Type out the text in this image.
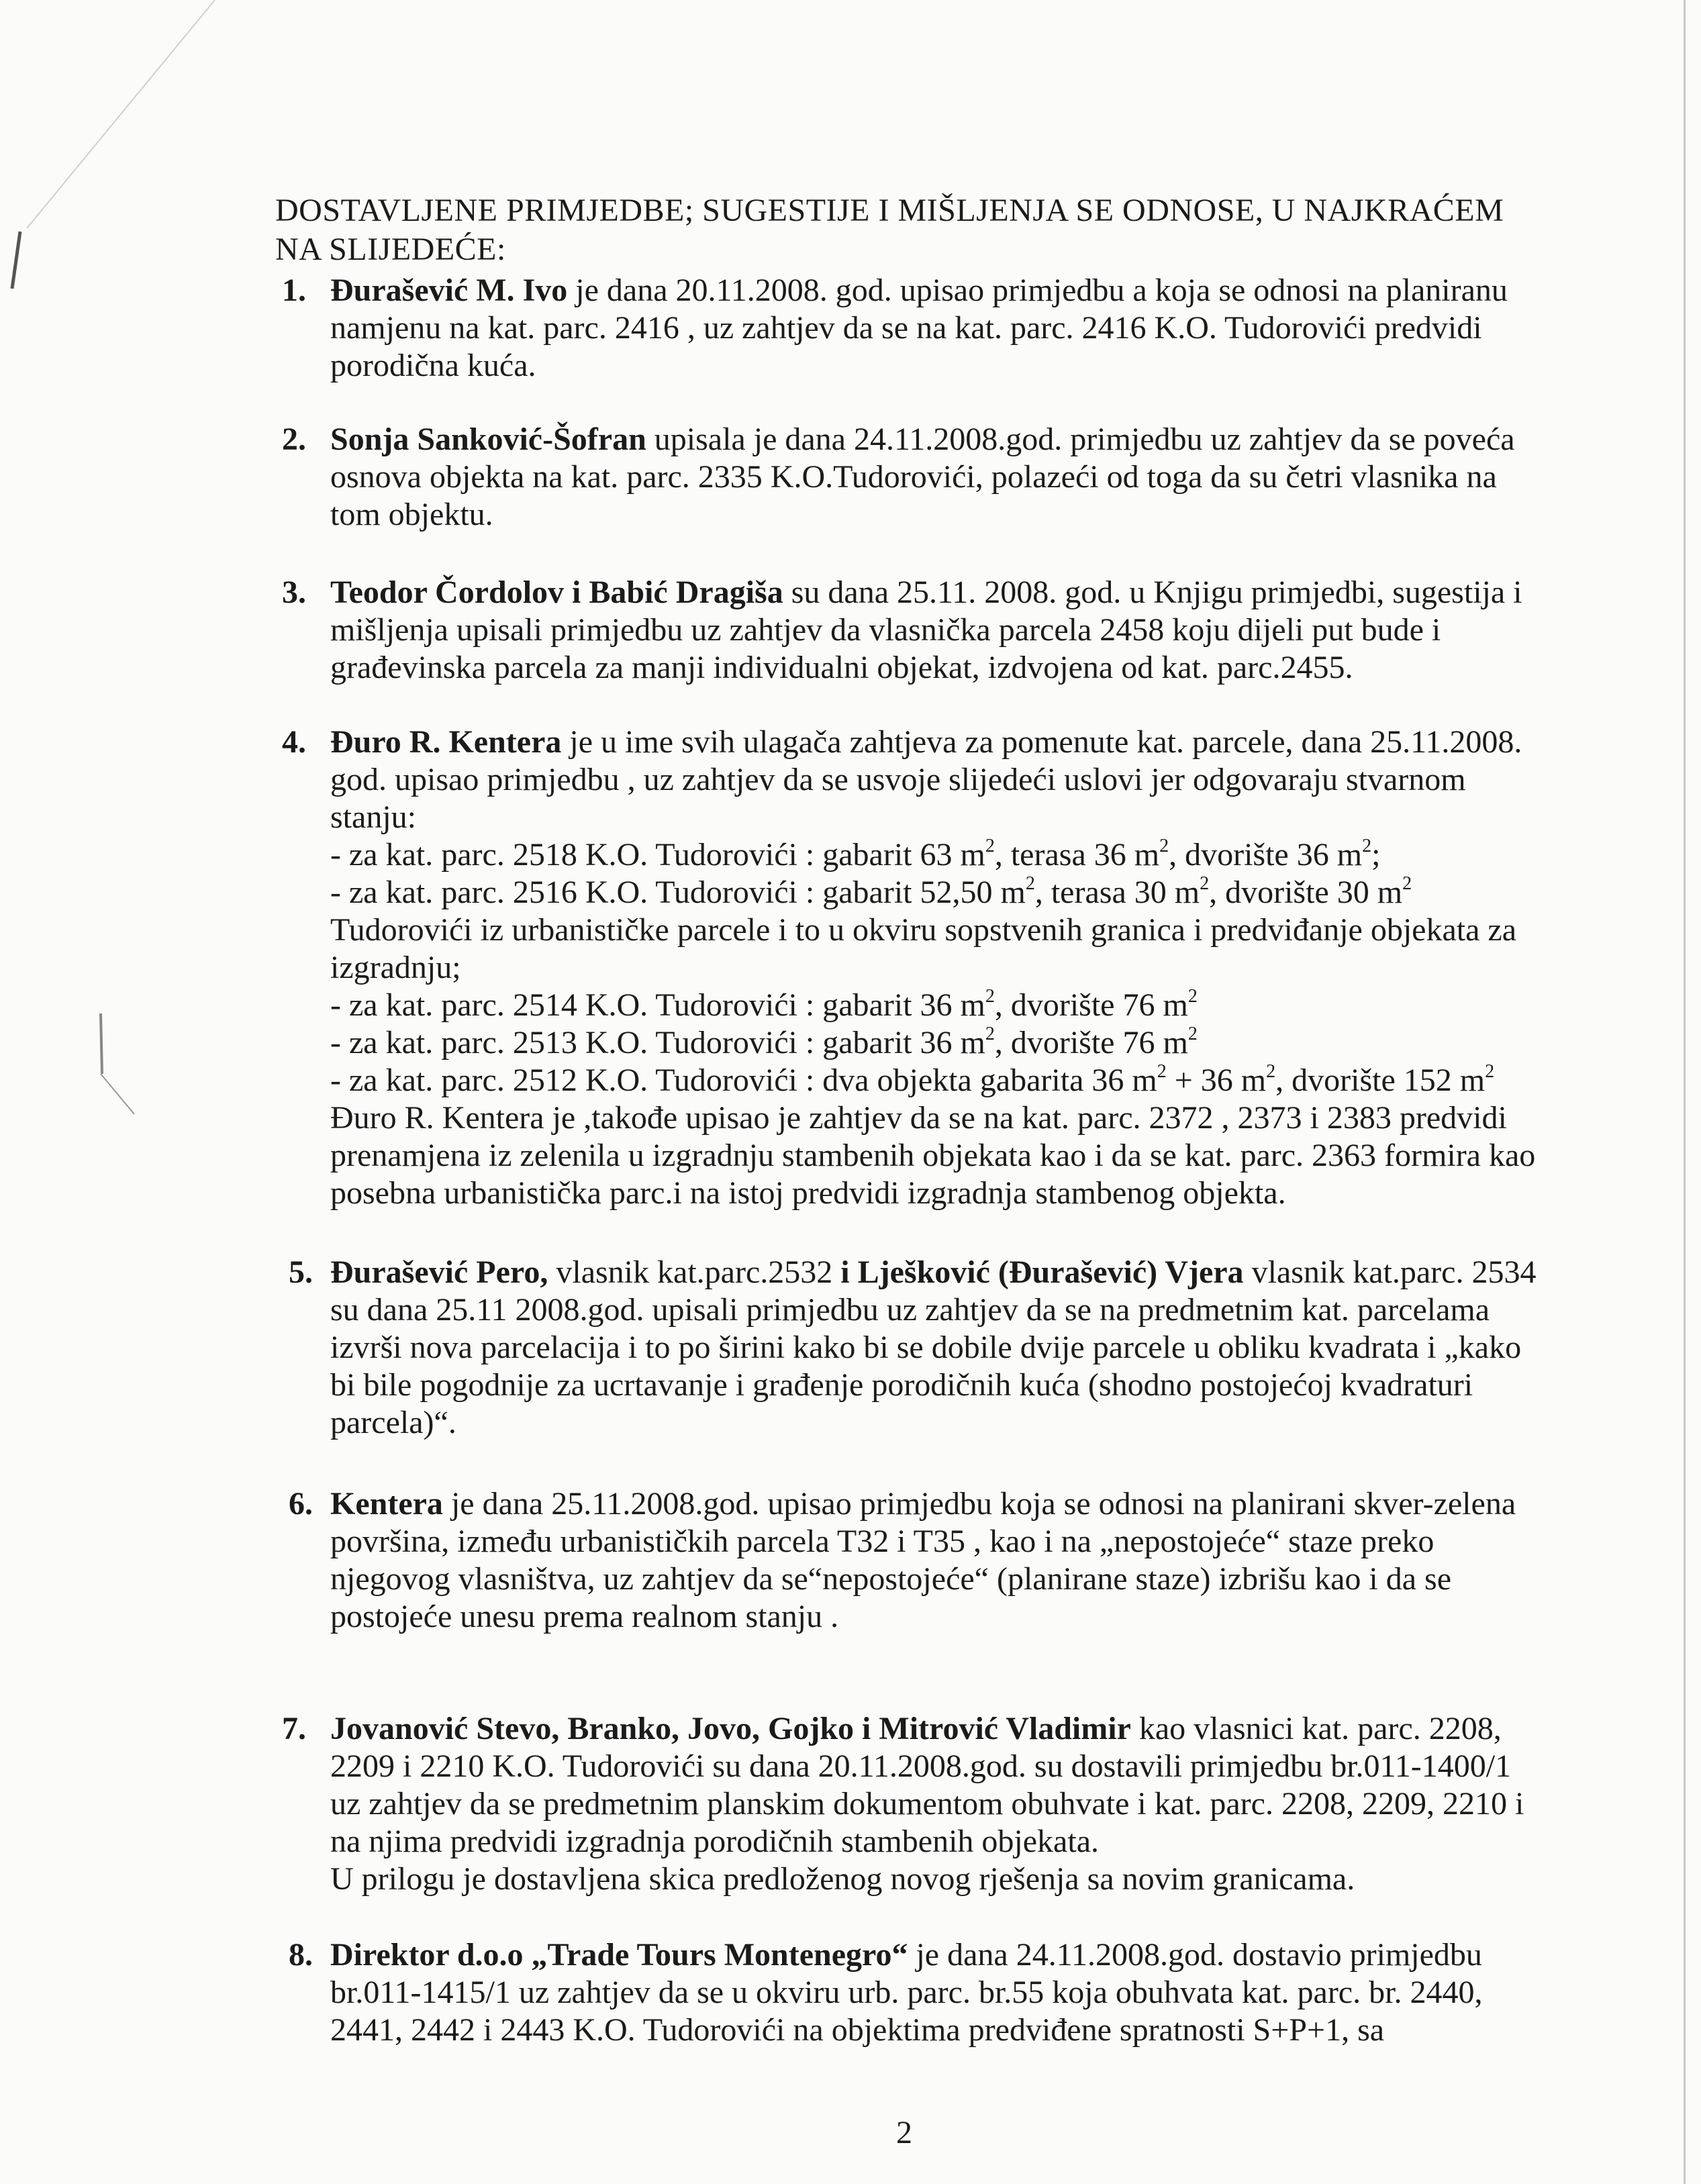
DOSTAVLJENE PRIMJEDBE; SUGESTIJE I MIŠLJENJA SE ODNOSE, U NAJKRAĆEM
NA SLIJEDEĆE:
1. Đurašević M. Ivo je dana 20.11.2008. god. upisao primjedbu a koja se odnosi na planiranu
namjenu na kat. parc. 2416 , uz zahtjev da se na kat. parc. 2416 K.O. Tudorovići predvidi
porodična kuća.
2. Sonja Sanković-Šofran upisala je dana 24.11.2008.god. primjedbu uz zahtjev da se poveća
osnova objekta na kat. parc. 2335 K.O.Tudorovići, polazeći od toga da su četri vlasnika na
tom objektu.
3. Teodor Čordolov i Babić Dragiša su dana 25.11. 2008. god. u Knjigu primjedbi, sugestija i
mišljenja upisali primjedbu uz zahtjev da vlasnička parcela 2458 koju dijeli put bude i
građevinska parcela za manji individualni objekat, izdvojena od kat. parc.2455.
4. Đuro R. Kentera je u ime svih ulagača zahtjeva za pomenute kat. parcele, dana 25.11.2008.
god. upisao primjedbu , uz zahtjev da se usvoje slijedeći uslovi jer odgovaraju stvarnom
stanju:
- za kat. parc. 2518 K.O. Tudorovići : gabarit 63 $m^2$, terasa 36 $m^2$, dvorište 36 $m^2$;
- za kat. parc. 2516 K.O. Tudorovići : gabarit 52,50 $m^2$, terasa 30 $m^2$, dvorište 30 $m^2$
Tudorovići iz urbanističke parcele i to u okviru sopstvenih granica i predviđanje objekata za
izgradnju;
- za kat. parc. 2514 K.O. Tudorovići : gabarit 36 $m^2$, dvorište 76 $m^2$
- za kat. parc. 2513 K.O. Tudorovići : gabarit 36 $m^2$, dvorište 76 $m^2$
- za kat. parc. 2512 K.O. Tudorovići : dva objekta gabarita 36 $m^2 + 36$ $m^2$, dvorište 152 $m^2$
Đuro R. Kentera je ,takođe upisao je zahtjev da se na kat. parc. 2372 , 2373 i 2383 predvidi
prenamjena iz zelenila u izgradnju stambenih objekata kao i da se kat. parc. 2363 formira kao
posebna urbanistička parc.i na istoj predvidi izgradnja stambenog objekta.
5. Đurašević Pero, vlasnik kat.parc.2532 i Lješković (Đurašević) Vjera vlasnik kat.parc. 2534
su dana 25.11 2008.god. upisali primjedbu uz zahtjev da se na predmetnim kat. parcelama
izvrši nova parcelacija i to po širini kako bi se dobile dvije parcele u obliku kvadrata i „kako
bi bile pogodnije za ucrtavanje i građenje porodičnih kuća (shodno postojećoj kvadraturi
parcela)“.
6. Kentera je dana 25.11.2008.god. upisao primjedbu koja se odnosi na planirani skver-zelena
površina, između urbanističkih parcela T32 i T35 , kao i na „nepostojeće“ staze preko
njegovog vlasništva, uz zahtjev da se“nepostojeće“ (planirane staze) izbrišu kao i da se
postojeće unesu prema realnom stanju .
7. Jovanović Stevo, Branko, Jovo, Gojko i Mitrović Vladimir kao vlasnici kat. parc. 2208,
2209 i 2210 K.O. Tudorovići su dana 20.11.2008.god. su dostavili primjedbu br.011-1400/1
uz zahtjev da se predmetnim planskim dokumentom obuhvate i kat. parc. 2208, 2209, 2210 i
na njima predvidi izgradnja porodičnih stambenih objekata.
U prilogu je dostavljena skica predloženog novog rješenja sa novim granicama.
8. Direktor d.o.o „Trade Tours Montenegro“ je dana 24.11.2008.god. dostavio primjedbu
br.011-1415/1 uz zahtjev da se u okviru urb. parc. br.55 koja obuhvata kat. parc. br. 2440,
2441, 2442 i 2443 K.O. Tudorovići na objektima predviđene spratnosti S+P+1, sa
2
